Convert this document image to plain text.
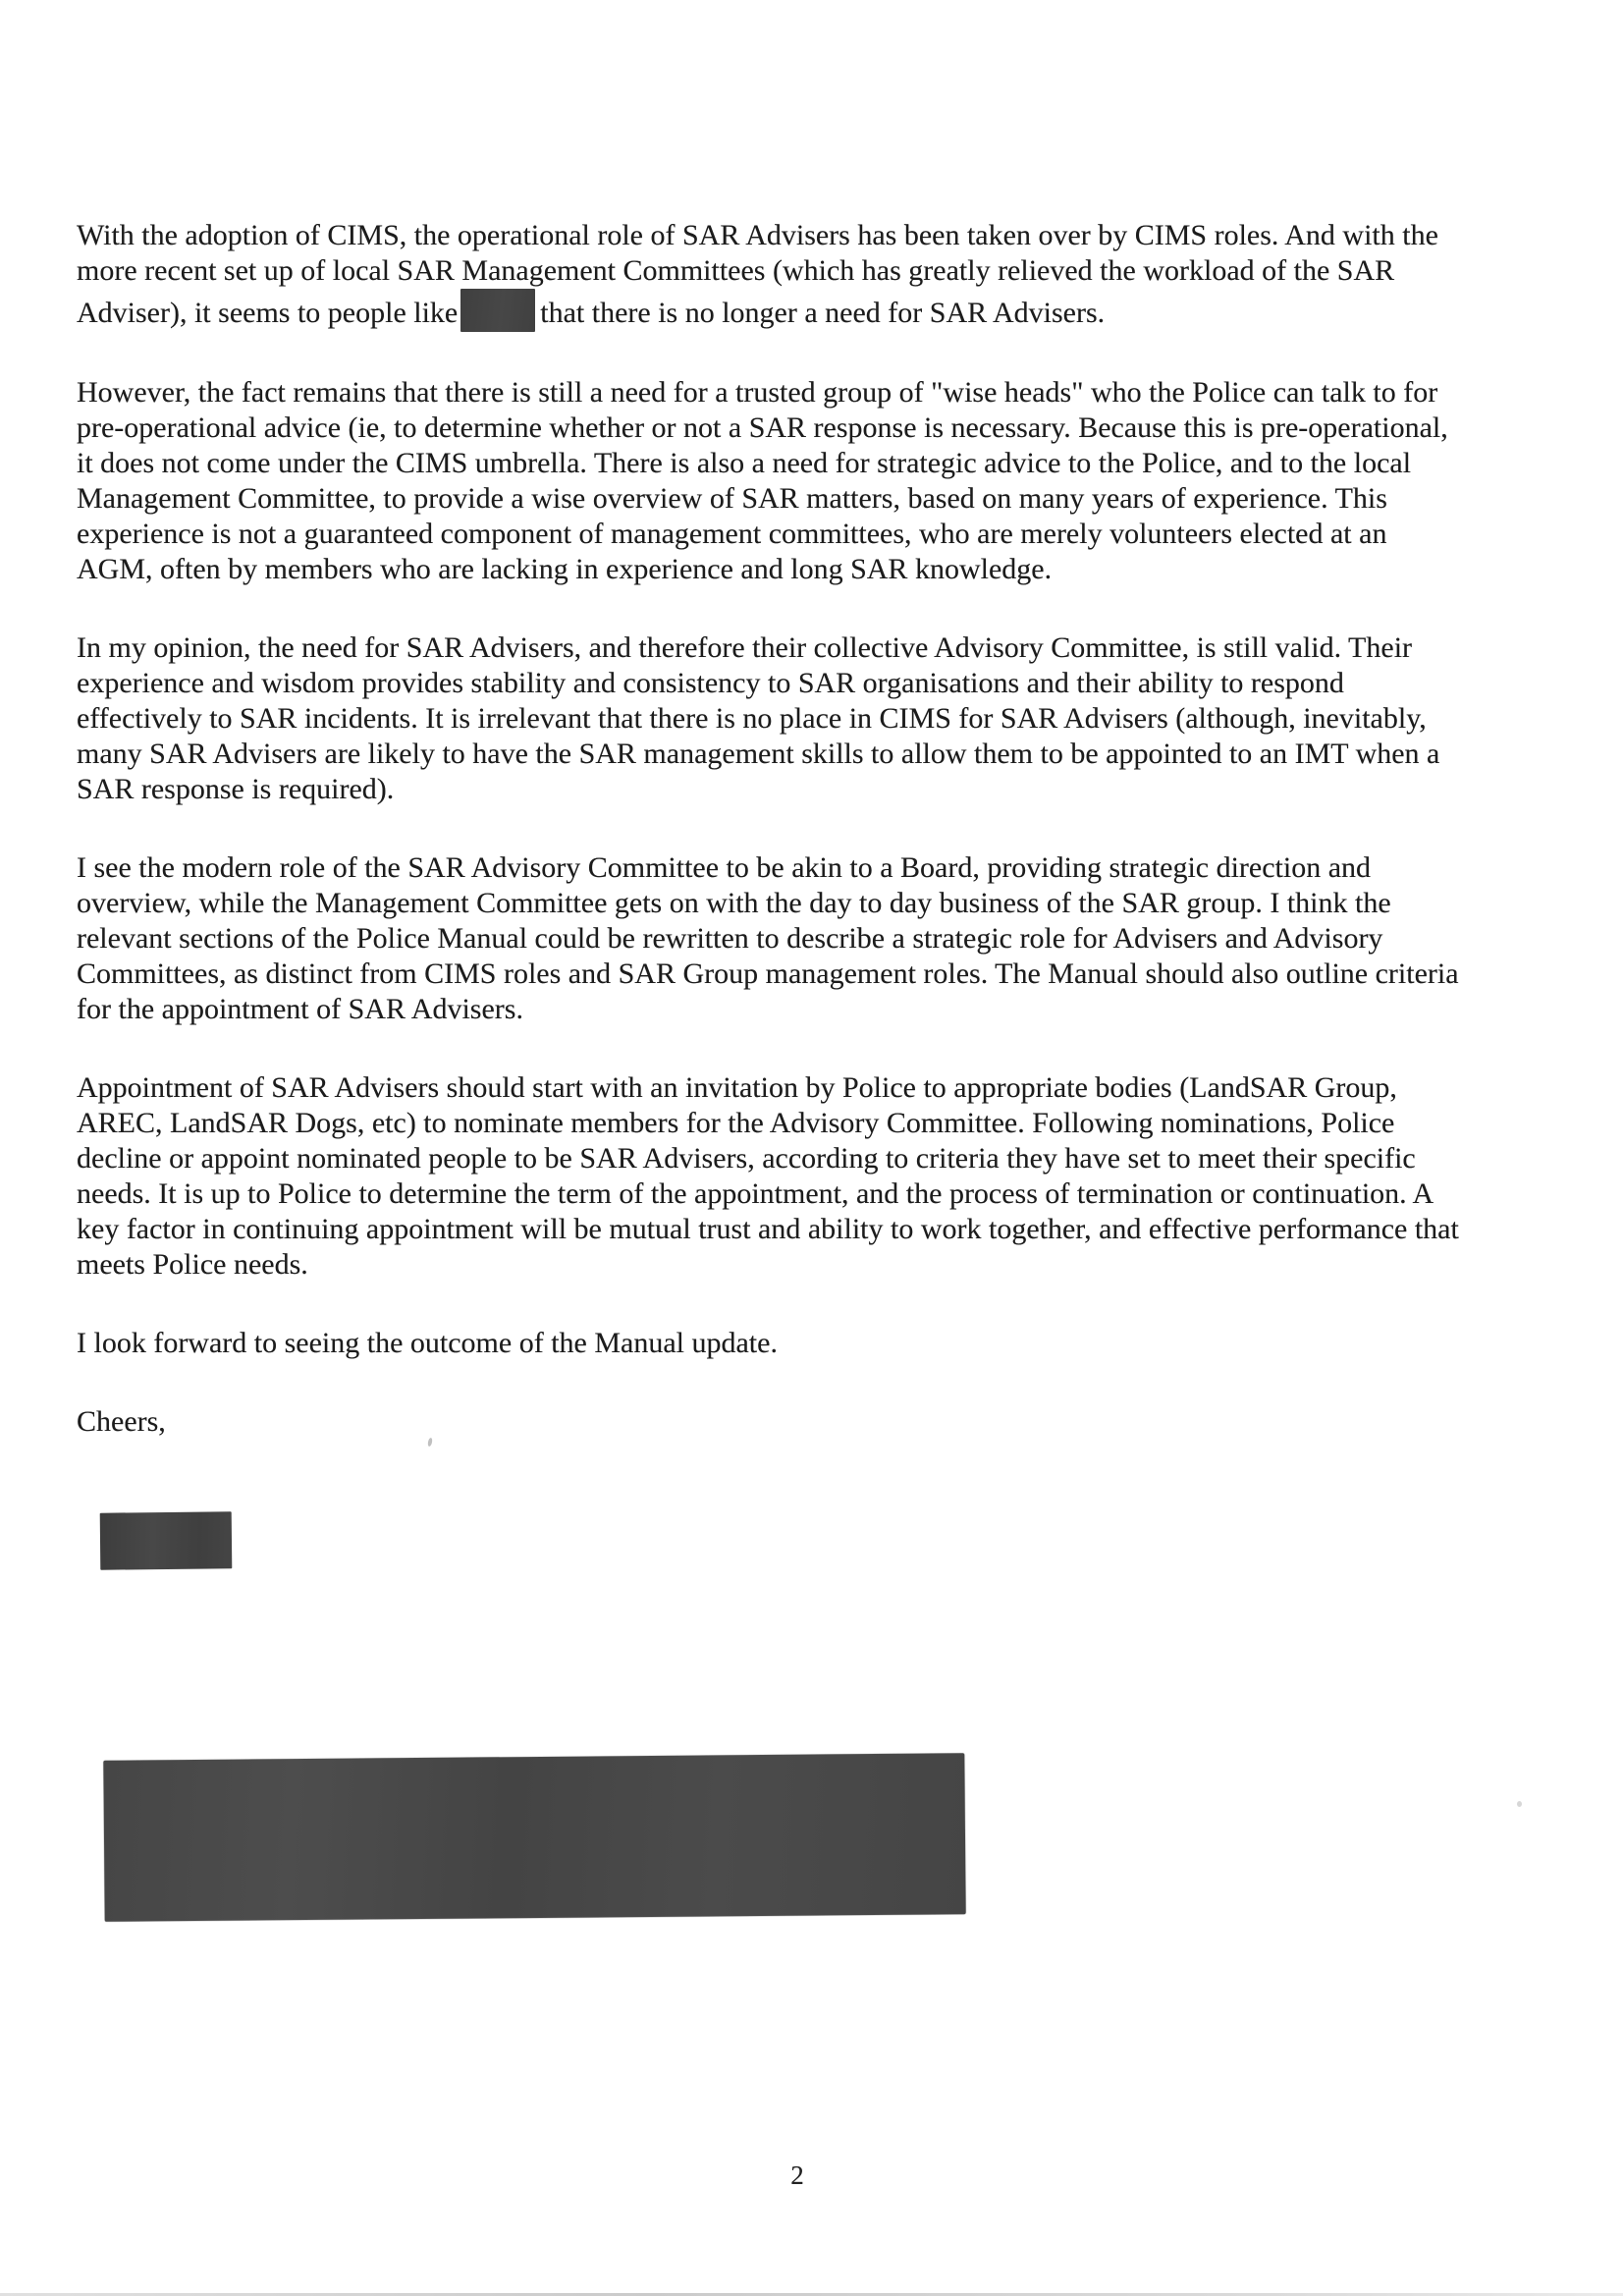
With the adoption of CIMS, the operational role of SAR Advisers has been taken over by CIMS roles. And with the more recent set up of local SAR Management Committees (which has greatly relieved the workload of the SAR Adviser), it seems to people like	that there is no longer a need for SAR Advisers.

However, the fact remains that there is still a need for a trusted group of "wise heads" who the Police can talk to for pre-operational advice (ie, to determine whether or not a SAR response is necessary. Because this is pre-operational, it does not come under the CIMS umbrella. There is also a need for strategic advice to the Police, and to the local Management Committee, to provide a wise overview of SAR matters, based on many years of experience. This experience is not a guaranteed component of management committees, who are merely volunteers elected at an AGM, often by members who are lacking in experience and long SAR knowledge.

In my opinion, the need for SAR Advisers, and therefore their collective Advisory Committee, is still valid. Their experience and wisdom provides stability and consistency to SAR organisations and their ability to respond effectively to SAR incidents. It is irrelevant that there is no place in CIMS for SAR Advisers (although, inevitably, many SAR Advisers are likely to have the SAR management skills to allow them to be appointed to an IMT when a SAR response is required).

I see the modern role of the SAR Advisory Committee to be akin to a Board, providing strategic direction and overview, while the Management Committee gets on with the day to day business of the SAR group. I think the relevant sections of the Police Manual could be rewritten to describe a strategic role for Advisers and Advisory Committees, as distinct from CIMS roles and SAR Group management roles. The Manual should also outline criteria for the appointment of SAR Advisers.

Appointment of SAR Advisers should start with an invitation by Police to appropriate bodies (LandSAR Group, AREC, LandSAR Dogs, etc) to nominate members for the Advisory Committee. Following nominations, Police decline or appoint nominated people to be SAR Advisers, according to criteria they have set to meet their specific needs. It is up to Police to determine the term of the appointment, and the process of termination or continuation. A key factor in continuing appointment will be mutual trust and ability to work together, and effective performance that meets Police needs.

I look forward to seeing the outcome of the Manual update.

Cheers,

2
